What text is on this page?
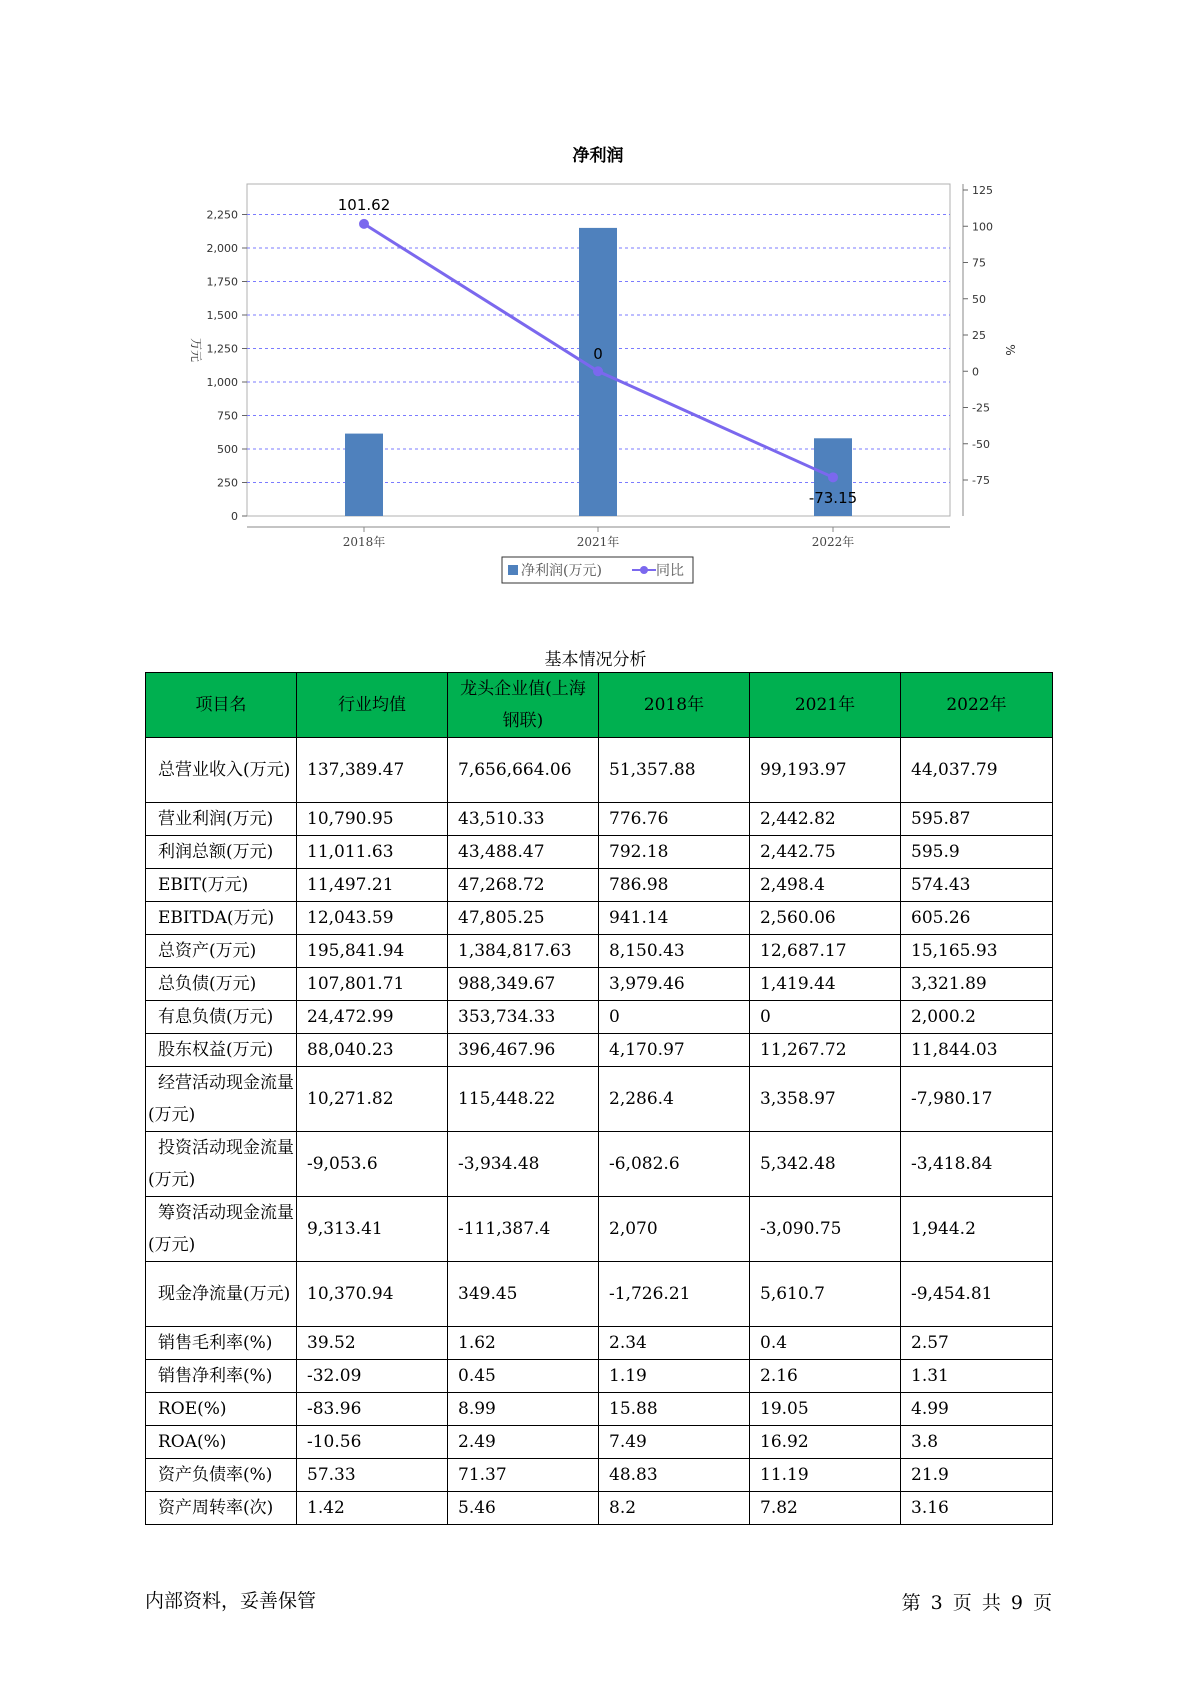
净利润
0
250
500
750
1,000
1,250
1,500
1,750
2,000
2,250
2018年	2021年	2022年
-75
-50
-25
0
25
50
75
100
125
万元	%
101.62
0
-73.15
净利润(万元)	同比
基本情况分析
项目名	行业均值	龙头企业值(上海钢联)	2018年	2021年	2022年
总营业收入(万元)	137,389.47	7,656,664.06	51,357.88	99,193.97	44,037.79
营业利润(万元)	10,790.95	43,510.33	776.76	2,442.82	595.87
利润总额(万元)	11,011.63	43,488.47	792.18	2,442.75	595.9
EBIT(万元)	11,497.21	47,268.72	786.98	2,498.4	574.43
EBITDA(万元)	12,043.59	47,805.25	941.14	2,560.06	605.26
总资产(万元)	195,841.94	1,384,817.63	8,150.43	12,687.17	15,165.93
总负债(万元)	107,801.71	988,349.67	3,979.46	1,419.44	3,321.89
有息负债(万元)	24,472.99	353,734.33	0	0	2,000.2
股东权益(万元)	88,040.23	396,467.96	4,170.97	11,267.72	11,844.03
经营活动现金流量(万元)	10,271.82	115,448.22	2,286.4	3,358.97	-7,980.17
投资活动现金流量(万元)	-9,053.6	-3,934.48	-6,082.6	5,342.48	-3,418.84
筹资活动现金流量(万元)	9,313.41	-111,387.4	2,070	-3,090.75	1,944.2
现金净流量(万元)	10,370.94	349.45	-1,726.21	5,610.7	-9,454.81
销售毛利率(%)	39.52	1.62	2.34	0.4	2.57
销售净利率(%)	-32.09	0.45	1.19	2.16	1.31
ROE(%)	-83.96	8.99	15.88	19.05	4.99
ROA(%)	-10.56	2.49	7.49	16.92	3.8
资产负债率(%)	57.33	71.37	48.83	11.19	21.9
资产周转率(次)	1.42	5.46	8.2	7.82	3.16
内部资料，妥善保管	第 3 页 共 9 页
